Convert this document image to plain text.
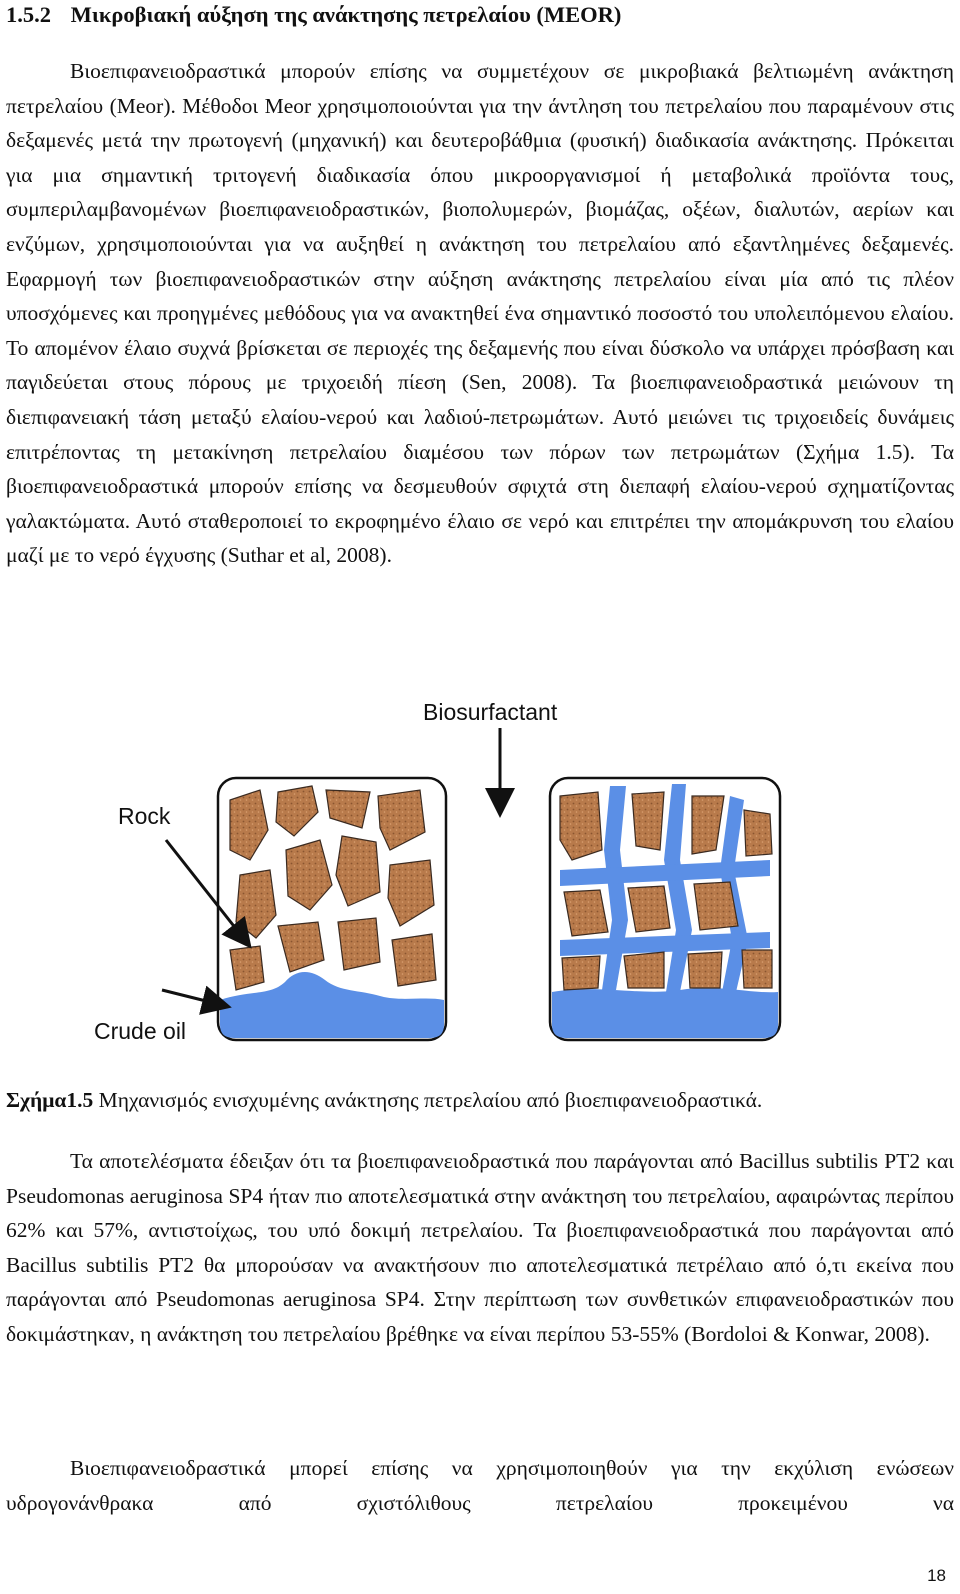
1.5.2 Μικροβιακή αύξηση της ανάκτησης πετρελαίου (MEOR)

Βιοεπιφανειοδραστικά μπορούν επίσης να συμμετέχουν σε μικροβιακά βελτιωμένη ανάκτηση πετρελαίου (Meor). Μέθοδοι Meor χρησιμοποιούνται για την άντληση του πετρελαίου που παραμένουν στις δεξαμενές μετά την πρωτογενή (μηχανική) και δευτεροβάθμια (φυσική) διαδικασία ανάκτησης. Πρόκειται για μια σημαντική τριτογενή διαδικασία όπου μικροοργανισμοί ή μεταβολικά προϊόντα τους, συμπεριλαμβανομένων βιοεπιφανειοδραστικών, βιοπολυμερών, βιομάζας, οξέων, διαλυτών, αερίων και ενζύμων, χρησιμοποιούνται για να αυξηθεί η ανάκτηση του πετρελαίου από εξαντλημένες δεξαμενές. Εφαρμογή των βιοεπιφανειοδραστικών στην αύξηση ανάκτησης πετρελαίου είναι μία από τις πλέον υποσχόμενες και προηγμένες μεθόδους για να ανακτηθεί ένα σημαντικό ποσοστό του υπολειπόμενου ελαίου. Το απομένον έλαιο συχνά βρίσκεται σε περιοχές της δεξαμενής που είναι δύσκολο να υπάρχει πρόσβαση και παγιδεύεται στους πόρους με τριχοειδή πίεση (Sen, 2008). Τα βιοεπιφανειοδραστικά μειώνουν τη διεπιφανειακή τάση μεταξύ ελαίου-νερού και λαδιού-πετρωμάτων. Αυτό μειώνει τις τριχοειδείς δυνάμεις επιτρέποντας τη μετακίνηση πετρελαίου διαμέσου των πόρων των πετρωμάτων (Σχήμα 1.5). Τα βιοεπιφανειοδραστικά μπορούν επίσης να δεσμευθούν σφιχτά στη διεπαφή ελαίου-νερού σχηματίζοντας γαλακτώματα. Αυτό σταθεροποιεί το εκροφημένο έλαιο σε νερό και επιτρέπει την απομάκρυνση του ελαίου μαζί με το νερό έγχυσης (Suthar et al, 2008).

Biosurfactant
Rock
Crude oil
Σχήμα1.5 Μηχανισμός ενισχυμένης ανάκτησης πετρελαίου από βιοεπιφανειοδραστικά.

Τα αποτελέσματα έδειξαν ότι τα βιοεπιφανειοδραστικά που παράγονται από Bacillus subtilis PT2 και Pseudomonas aeruginosa SP4 ήταν πιο αποτελεσματικά στην ανάκτηση του πετρελαίου, αφαιρώντας περίπου 62% και 57%, αντιστοίχως, του υπό δοκιμή πετρελαίου. Τα βιοεπιφανειοδραστικά που παράγονται από Bacillus subtilis PT2 θα μπορούσαν να ανακτήσουν πιο αποτελεσματικά πετρέλαιο από ό,τι εκείνα που παράγονται από Pseudomonas aeruginosa SP4. Στην περίπτωση των συνθετικών επιφανειοδραστικών που δοκιμάστηκαν, η ανάκτηση του πετρελαίου βρέθηκε να είναι περίπου 53-55% (Bordoloi & Konwar, 2008).

Βιοεπιφανειοδραστικά μπορεί επίσης να χρησιμοποιηθούν για την εκχύλιση ενώσεων υδρογονάνθρακα από σχιστόλιθους πετρελαίου προκειμένου να

18
